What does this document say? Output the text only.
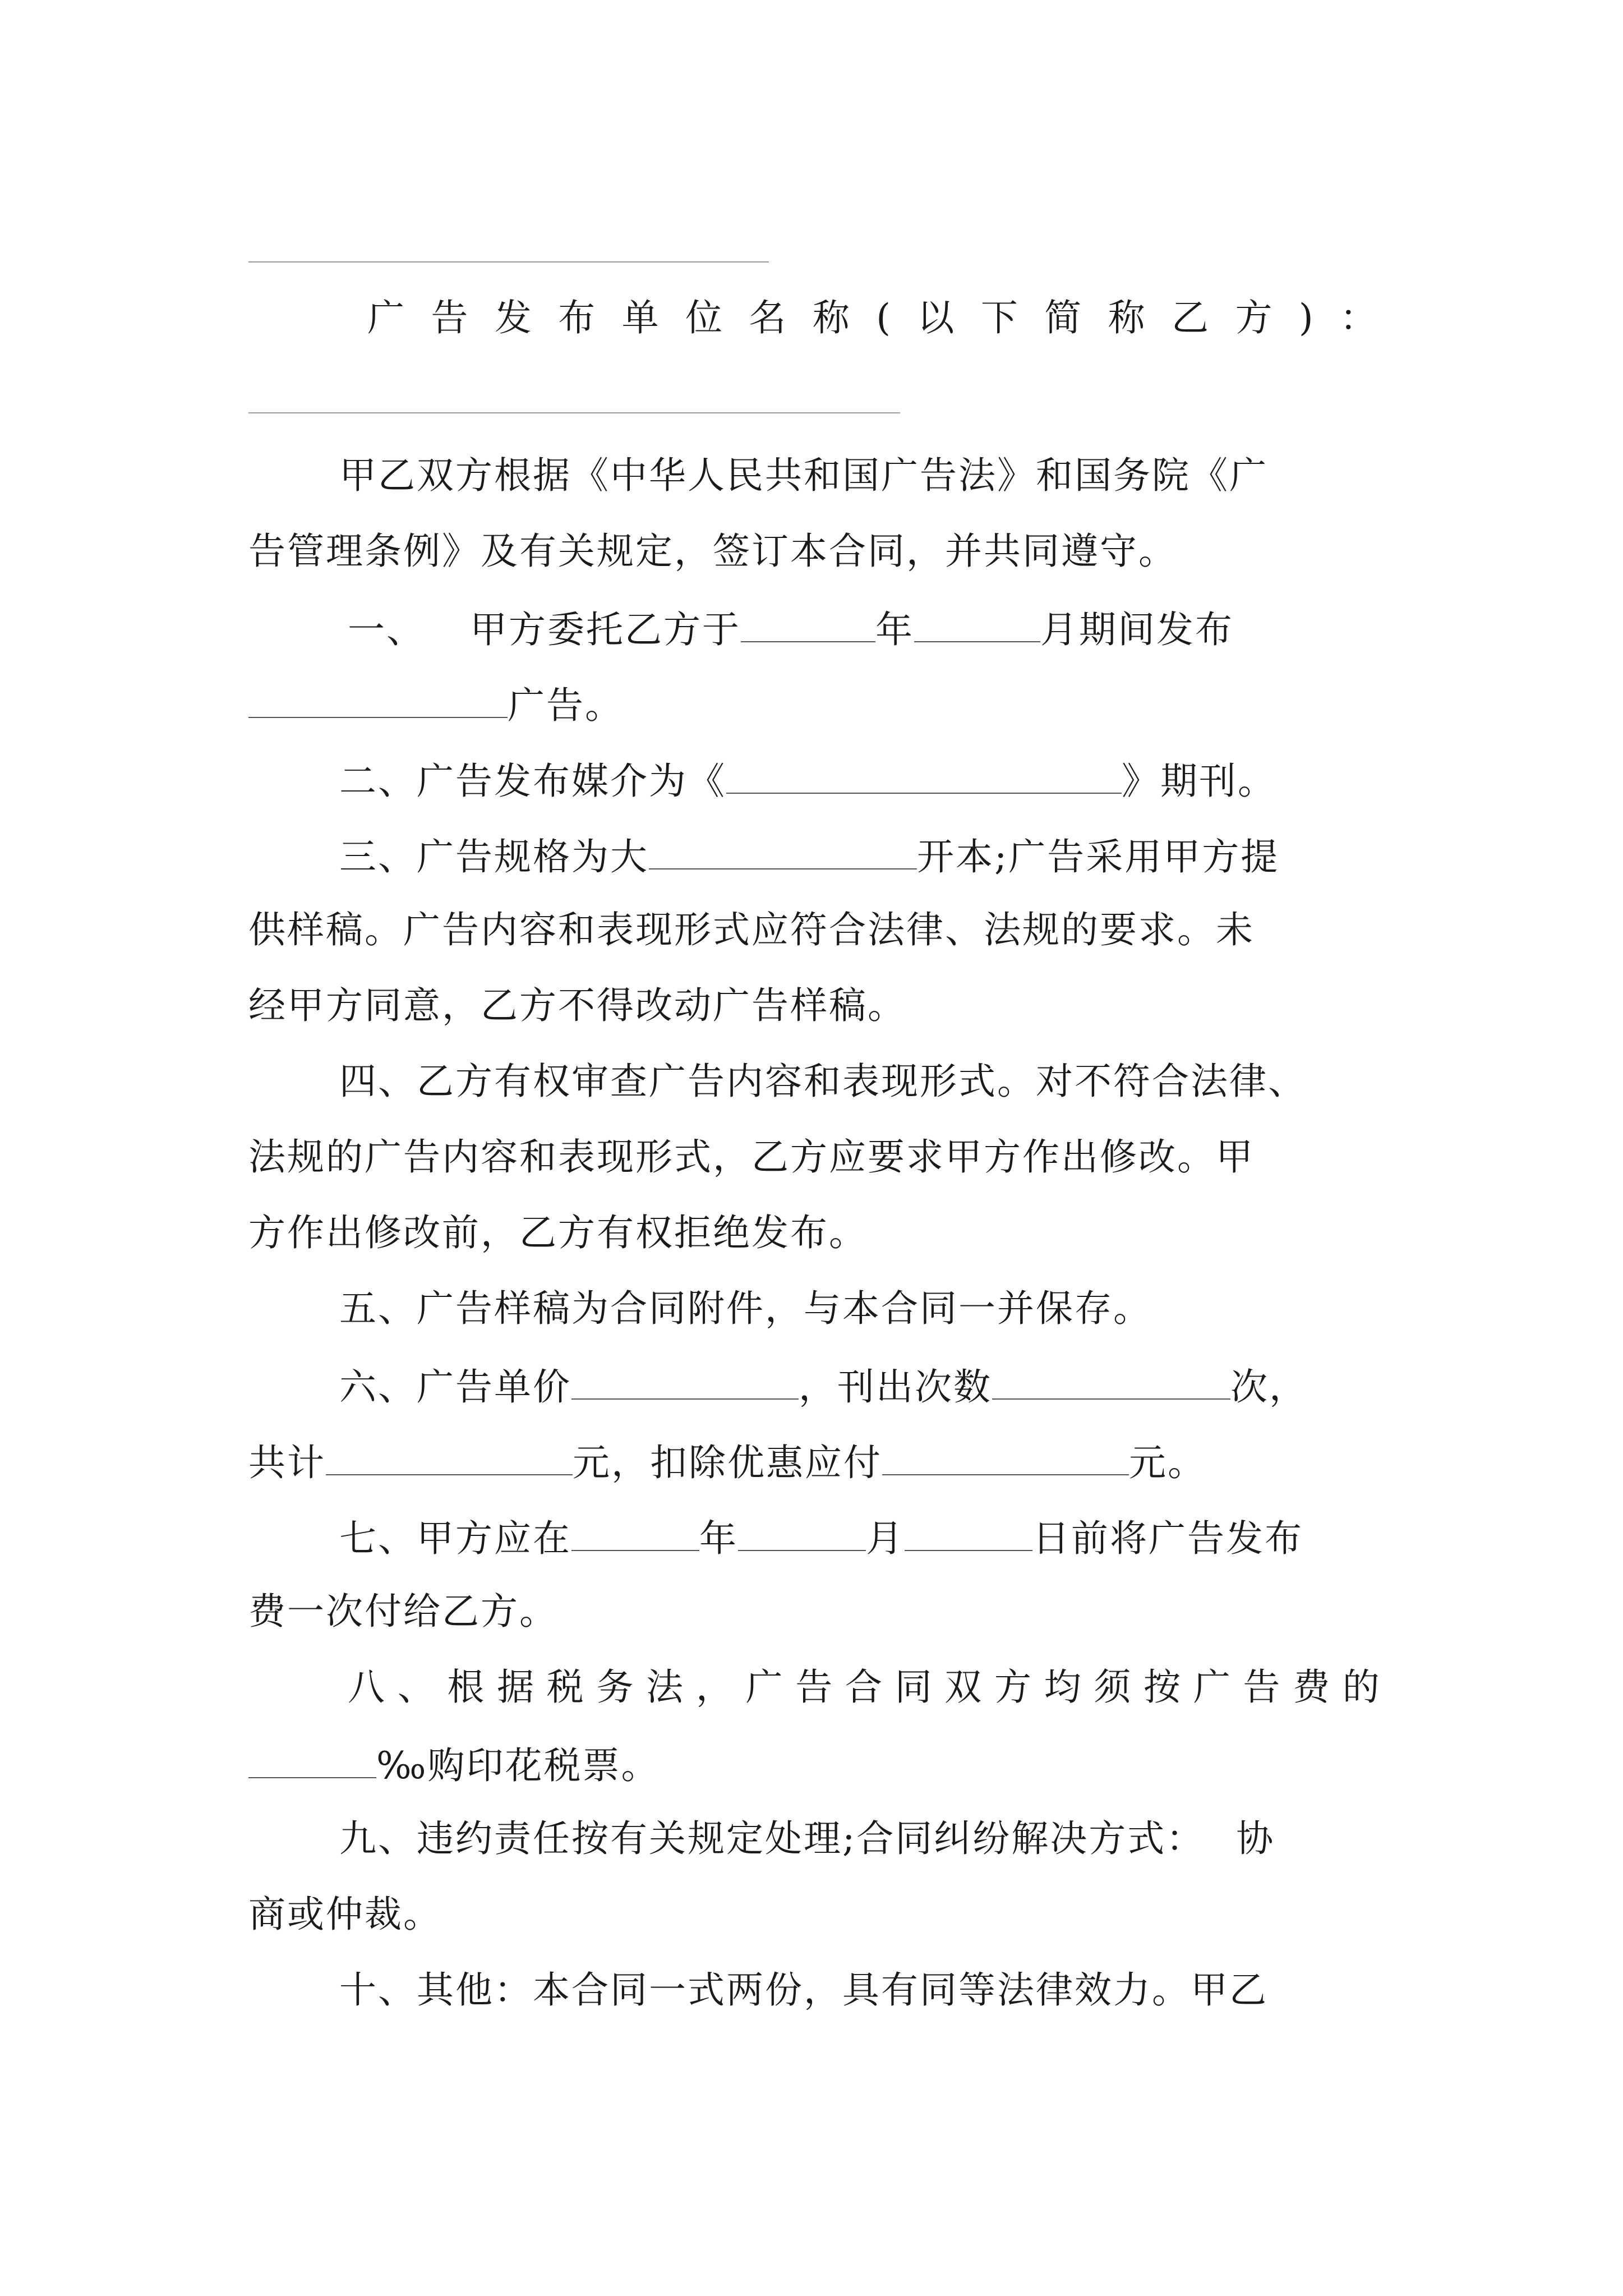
广 告 发 布 单 位 名 称 ( 以 下 简 称 乙 方 ) ：
甲乙双方根据《中华人民共和国广告法》和国务院《广
告管理条例》及有关规定，签订本合同，并共同遵守。
一、 甲方委托乙方于	年	月期间发布
广告。
二、广告发布媒介为《	》期刊。
三、广告规格为大	开本;广告采用甲方提
供样稿。广告内容和表现形式应符合法律、法规的要求。未
经甲方同意，乙方不得改动广告样稿。
四、乙方有权审查广告内容和表现形式。对不符合法律、
法规的广告内容和表现形式，乙方应要求甲方作出修改。甲
方作出修改前，乙方有权拒绝发布。
五、广告样稿为合同附件，与本合同一并保存。
六、广告单价	，刊出次数	次，
共计	元，扣除优惠应付	元。
七、甲方应在	年	月	日前将广告发布
费一次付给乙方。
八 、 根 据 税 务 法 ， 广 告 合 同 双 方 均 须 按 广 告 费 的
‰购印花税票。
九、违约责任按有关规定处理;合同纠纷解决方式： 协
商或仲裁。
十、其他：本合同一式两份，具有同等法律效力。甲乙
